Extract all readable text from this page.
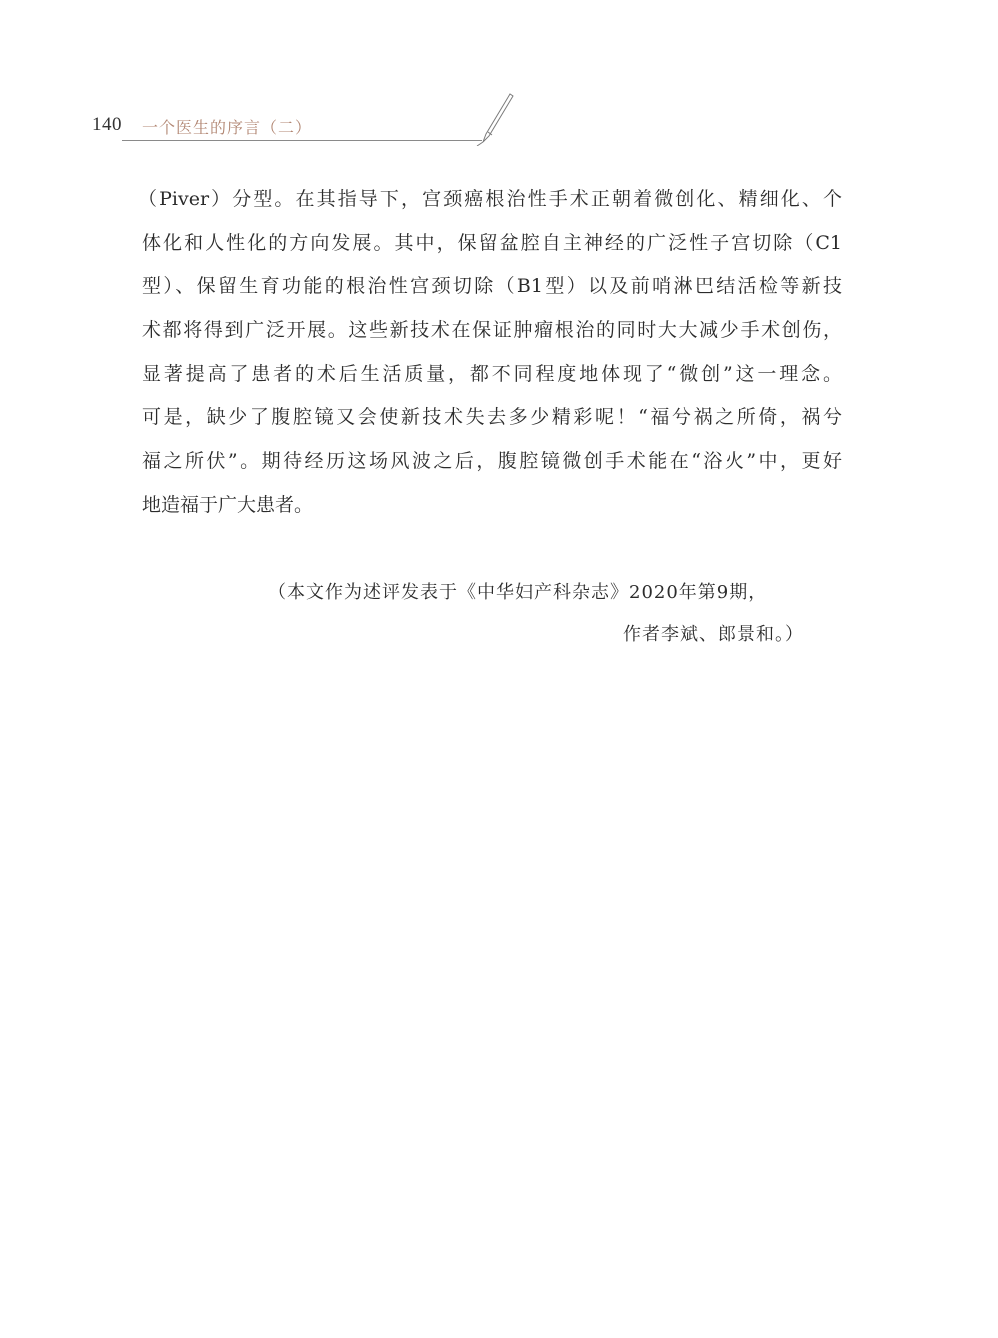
140 一个医生的序言（二）
（Piver）分型。在其指导下，宫颈癌根治性手术正朝着微创化、精细化、个
体化和人性化的方向发展。其中，保留盆腔自主神经的广泛性子宫切除（C1
型）、保留生育功能的根治性宫颈切除（B1型）以及前哨淋巴结活检等新技
术都将得到广泛开展。这些新技术在保证肿瘤根治的同时大大减少手术创伤，
显著提高了患者的术后生活质量，都不同程度地体现了“微创”这一理念。
可是，缺少了腹腔镜又会使新技术失去多少精彩呢！“福兮祸之所倚，祸兮
福之所伏”。期待经历这场风波之后，腹腔镜微创手术能在“浴火”中，更好
地造福于广大患者。
（本文作为述评发表于《中华妇产科杂志》2020年第9期，
作者李斌、郎景和。）
